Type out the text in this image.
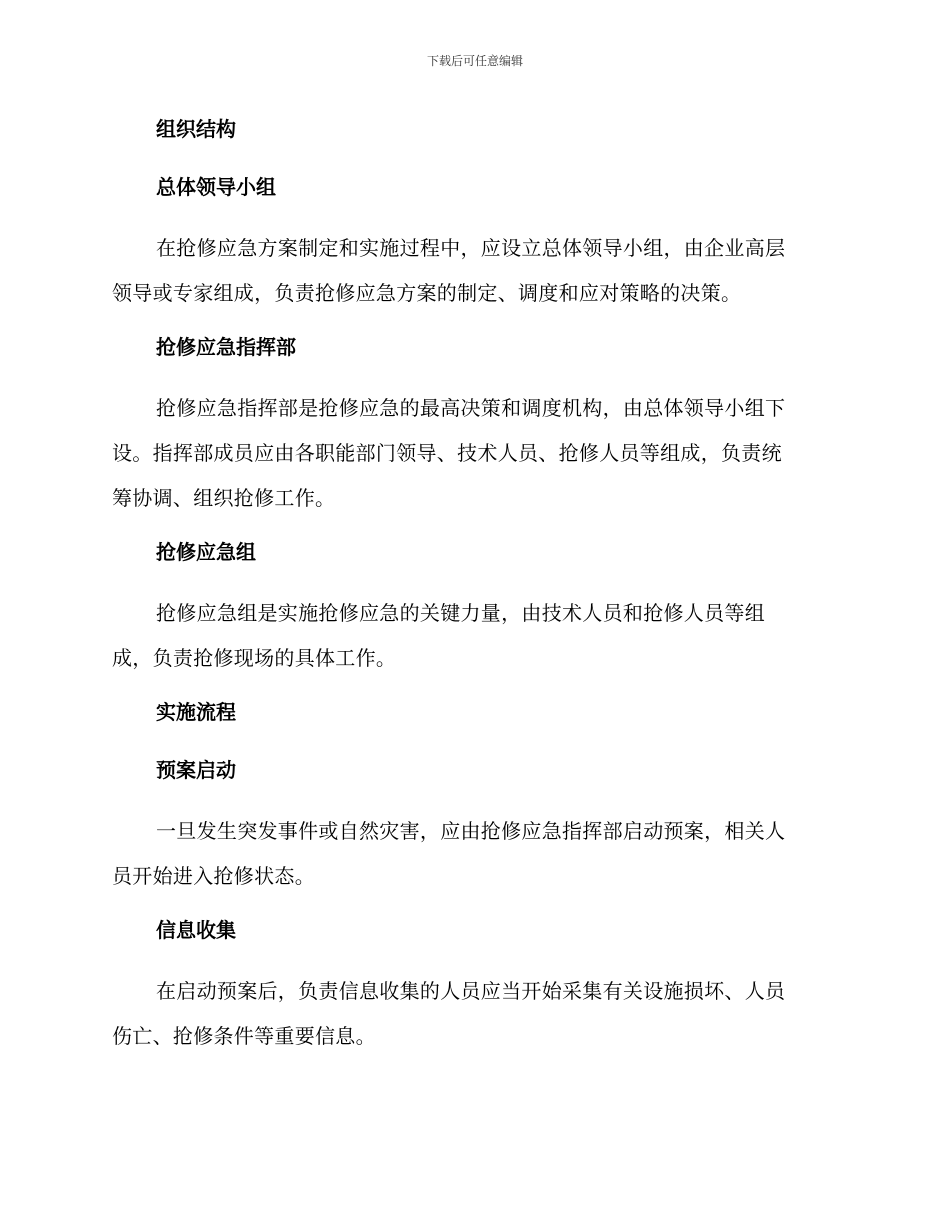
下载后可任意编辑
组织结构
总体领导小组

在抢修应急方案制定和实施过程中，应设立总体领导小组，由企业高层
领导或专家组成，负责抢修应急方案的制定、调度和应对策略的决策。

抢修应急指挥部

抢修应急指挥部是抢修应急的最高决策和调度机构，由总体领导小组下
设。指挥部成员应由各职能部门领导、技术人员、抢修人员等组成，负责统
筹协调、组织抢修工作。

抢修应急组

抢修应急组是实施抢修应急的关键力量，由技术人员和抢修人员等组
成，负责抢修现场的具体工作。

实施流程
预案启动

一旦发生突发事件或自然灾害，应由抢修应急指挥部启动预案，相关人
员开始进入抢修状态。

信息收集

在启动预案后，负责信息收集的人员应当开始采集有关设施损坏、人员
伤亡、抢修条件等重要信息。
